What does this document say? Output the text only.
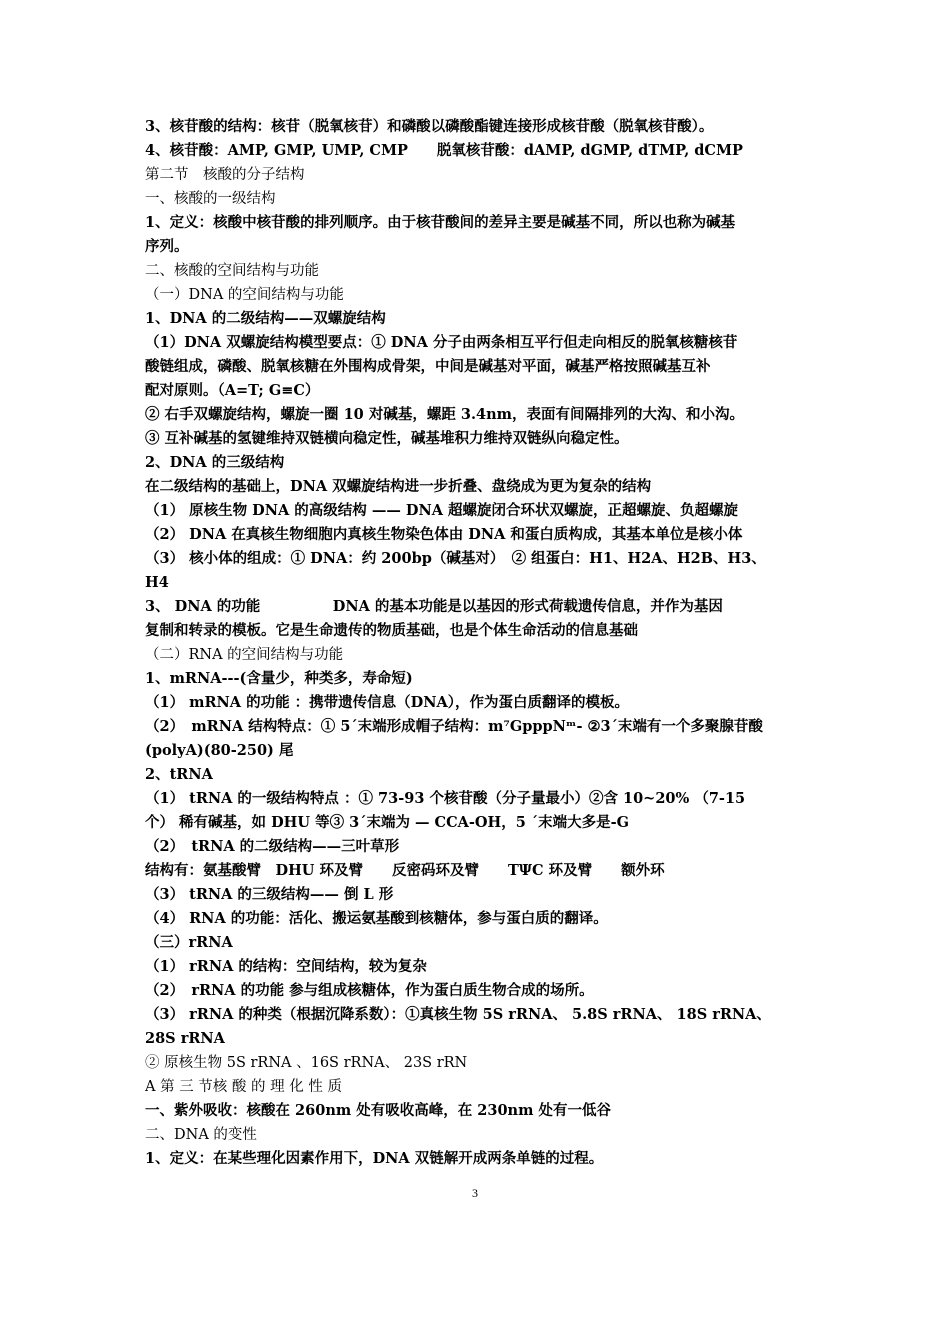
3、核苷酸的结构：核苷（脱氧核苷）和磷酸以磷酸酯键连接形成核苷酸（脱氧核苷酸）。
4、核苷酸：AMP, GMP, UMP, CMP　　脱氧核苷酸：dAMP, dGMP, dTMP, dCMP
第二节　核酸的分子结构
一、核酸的一级结构
1、定义：核酸中核苷酸的排列顺序。由于核苷酸间的差异主要是碱基不同，所以也称为碱基
序列。
二、核酸的空间结构与功能
（一）DNA 的空间结构与功能
1、DNA 的二级结构——双螺旋结构
（1）DNA 双螺旋结构模型要点：① DNA 分子由两条相互平行但走向相反的脱氧核糖核苷
酸链组成，磷酸、脱氧核糖在外围构成骨架，中间是碱基对平面，碱基严格按照碱基互补
配对原则。（A=T; G≡C）
② 右手双螺旋结构，螺旋一圈 10 对碱基，螺距 3.4nm，表面有间隔排列的大沟、和小沟。
③ 互补碱基的氢键维持双链横向稳定性，碱基堆积力维持双链纵向稳定性。
2、DNA 的三级结构
在二级结构的基础上，DNA 双螺旋结构进一步折叠、盘绕成为更为复杂的结构
（1） 原核生物 DNA 的高级结构 —— DNA 超螺旋闭合环状双螺旋，正超螺旋、负超螺旋
（2） DNA 在真核生物细胞内真核生物染色体由 DNA 和蛋白质构成，其基本单位是核小体
（3） 核小体的组成：① DNA：约 200bp（碱基对）　② 组蛋白：H1、H2A、H2B、H3、
H4
3、 DNA 的功能　　　　　DNA 的基本功能是以基因的形式荷载遗传信息，并作为基因
复制和转录的模板。它是生命遗传的物质基础，也是个体生命活动的信息基础
（二）RNA 的空间结构与功能
1、mRNA---(含量少，种类多，寿命短)
（1） mRNA 的功能 ：携带遗传信息（DNA），作为蛋白质翻译的模板。
（2）　mRNA 结构特点：① 5´末端形成帽子结构：m⁷GpppNᵐ- ②3´末端有一个多聚腺苷酸
(polyA)(80-250) 尾
2、tRNA
（1） tRNA 的一级结构特点 ：① 73-93 个核苷酸（分子量最小）②含 10~20% （7-15
个） 稀有碱基，如 DHU 等③ 3´末端为 — CCA-OH，5 ´末端大多是-G
（2）　tRNA 的二级结构——三叶草形
结构有：氨基酸臂　DHU 环及臂　　反密码环及臂　　TΨC 环及臂　　额外环
（3） tRNA 的三级结构—— 倒 L 形
（4） RNA 的功能：活化、搬运氨基酸到核糖体，参与蛋白质的翻译。
（三）rRNA
（1） rRNA 的结构：空间结构，较为复杂
（2）　rRNA 的功能 参与组成核糖体，作为蛋白质生物合成的场所。
（3） rRNA 的种类（根据沉降系数）：①真核生物 5S rRNA、 5.8S rRNA、 18S rRNA、
28S rRNA
② 原核生物 5S rRNA 、16S rRNA、 23S rRN
A 第 三 节核 酸 的 理 化 性 质
一、紫外吸收：核酸在 260nm 处有吸收高峰，在 230nm 处有一低谷
二、DNA 的变性
1、定义：在某些理化因素作用下，DNA 双链解开成两条单链的过程。
3
